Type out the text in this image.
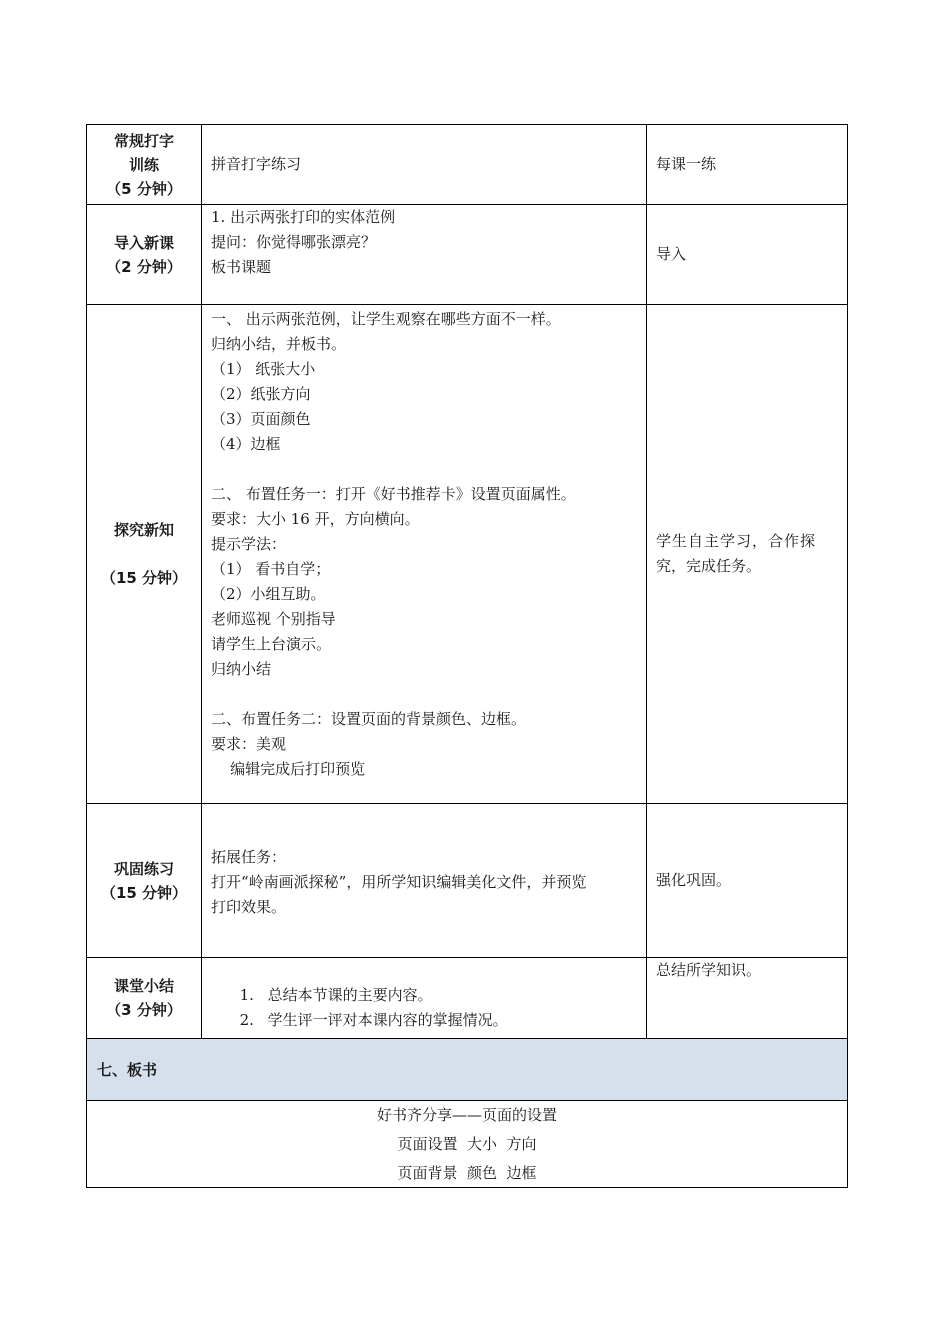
常规打字
训练
（5 分钟）
拼音打字练习	每课一练
导入新课
（2 分钟）
1. 出示两张打印的实体范例
提问：你觉得哪张漂亮？
板书课题
导入
探究新知
（15 分钟）
一、 出示两张范例，让学生观察在哪些方面不一样。
归纳小结，并板书。
（1） 纸张大小
（2）纸张方向
（3）页面颜色
（4）边框
二、 布置任务一：打开《好书推荐卡》设置页面属性。
要求：大小 16 开，方向横向。
提示学法：
（1） 看书自学；
（2）小组互助。
老师巡视 个别指导
请学生上台演示。
归纳小结
二、布置任务二：设置页面的背景颜色、边框。
要求：美观
编辑完成后打印预览
学生自主学习，合作探
究，完成任务。
巩固练习
（15 分钟）
拓展任务：
打开“岭南画派探秘”，用所学知识编辑美化文件，并预览
打印效果。
强化巩固。
课堂小结
（3 分钟）

1. 总结本节课的主要内容。

2. 学生评一评对本课内容的掌握情况。

总结所学知识。
七、板书
好书齐分享——页面的设置
页面设置  大小  方向
页面背景  颜色  边框
